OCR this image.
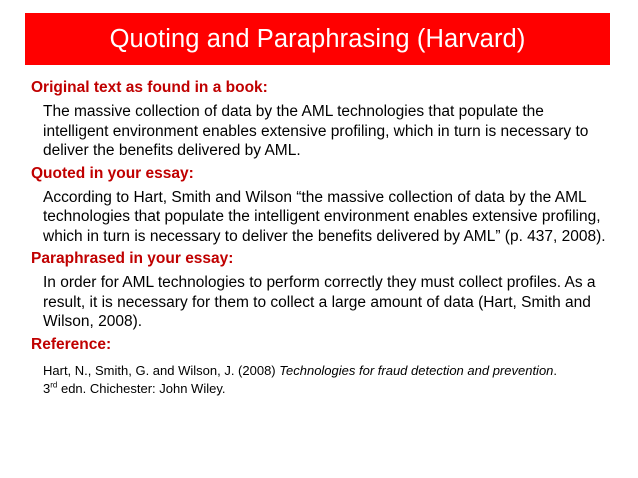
Quoting and Paraphrasing (Harvard)
Original text as found in a book:
The massive collection of data by the AML technologies that populate the intelligent environment enables extensive profiling, which in turn is necessary to deliver the benefits delivered by AML.
Quoted in your essay:
According to Hart, Smith and Wilson “the massive collection of data by the AML technologies that populate the intelligent environment enables extensive profiling, which in turn is necessary to deliver the benefits delivered by AML” (p. 437, 2008).
Paraphrased in your essay:
In order for AML technologies to perform correctly they must collect profiles. As a result, it is necessary for them to collect a large amount of data (Hart, Smith and Wilson, 2008).
Reference:
Hart, N., Smith, G. and Wilson, J. (2008) Technologies for fraud detection and prevention.
3rd edn. Chichester: John Wiley.
